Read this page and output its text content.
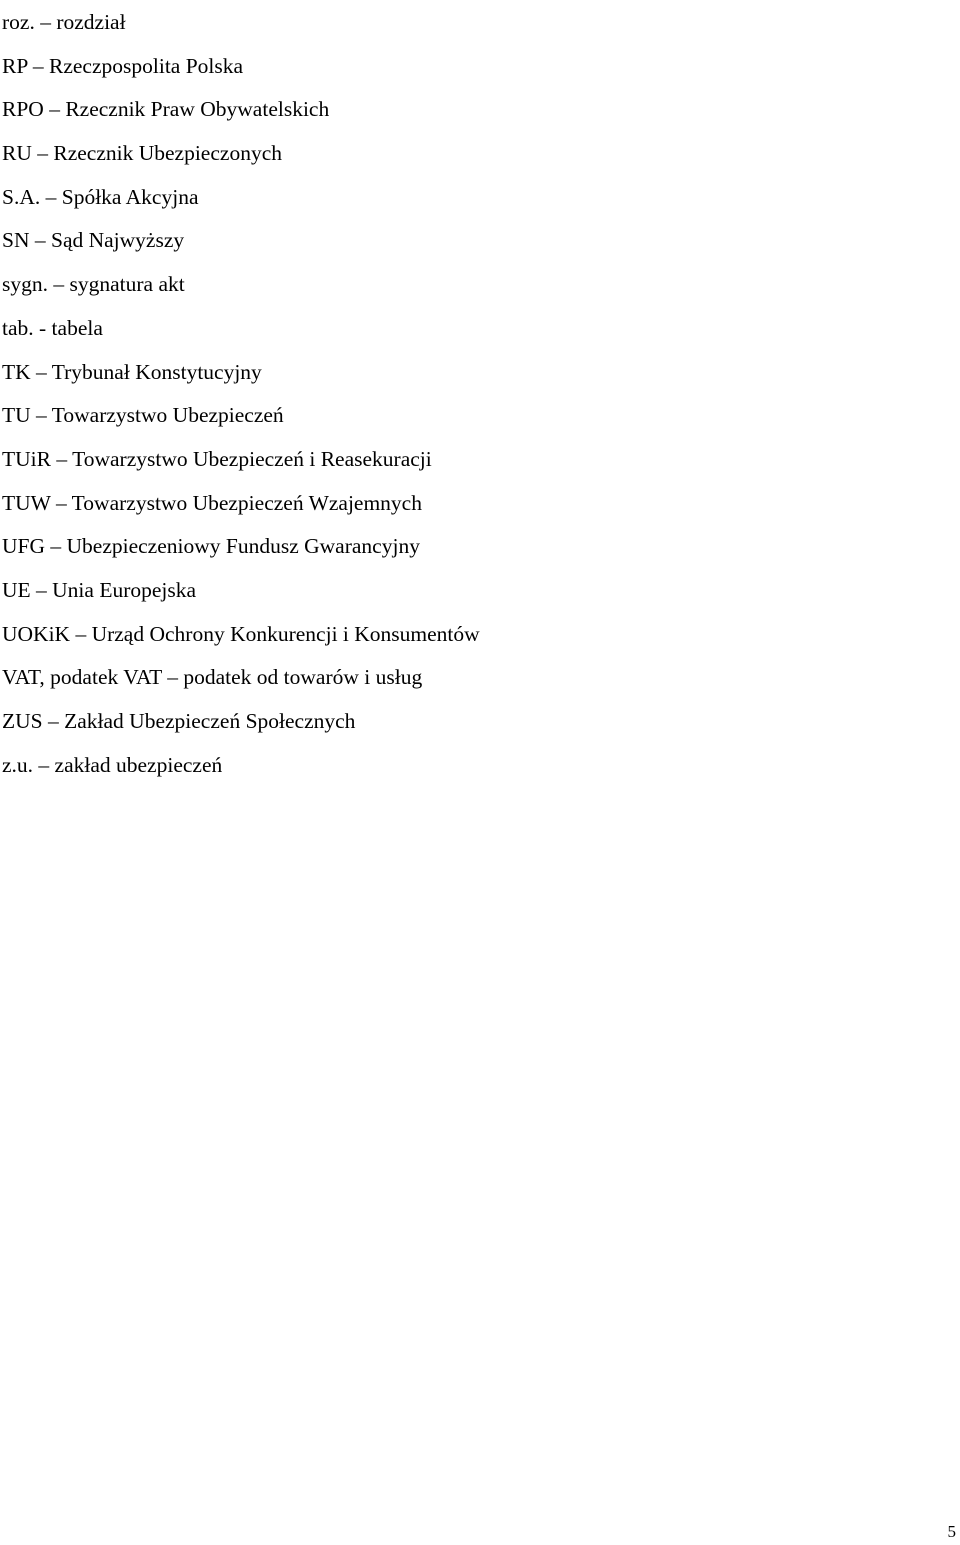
roz. – rozdział
RP – Rzeczpospolita Polska
RPO – Rzecznik Praw Obywatelskich
RU – Rzecznik Ubezpieczonych
S.A. – Spółka Akcyjna
SN – Sąd Najwyższy
sygn. – sygnatura akt
tab. - tabela
TK – Trybunał Konstytucyjny
TU – Towarzystwo Ubezpieczeń
TUiR – Towarzystwo Ubezpieczeń i Reasekuracji
TUW – Towarzystwo Ubezpieczeń Wzajemnych
UFG – Ubezpieczeniowy Fundusz Gwarancyjny
UE – Unia Europejska
UOKiK – Urząd Ochrony Konkurencji i Konsumentów
VAT, podatek VAT – podatek od towarów i usług
ZUS – Zakład Ubezpieczeń Społecznych
z.u. – zakład ubezpieczeń
5
